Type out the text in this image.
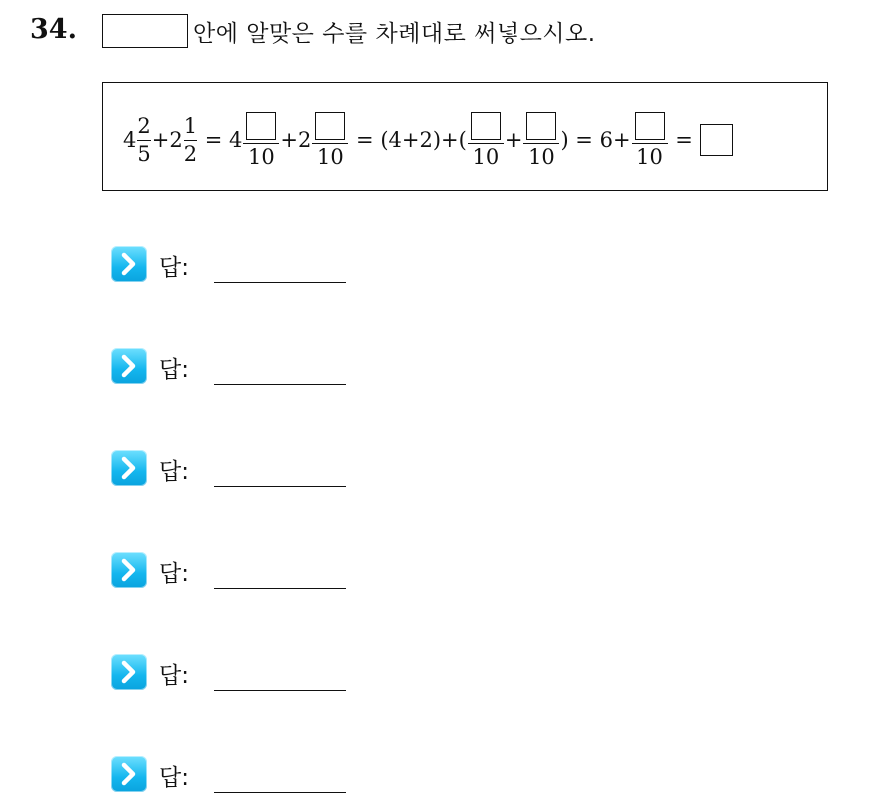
34.	안에 알맞은 수를 차례대로 써넣으시오.
$4 \frac{2}{5} +2 \frac{1}{2} = 4$
10
+2
10
= (4+2)+(
10
+
10
) = 6+
10
=
답:
답:
답:
답:
답:
답:
